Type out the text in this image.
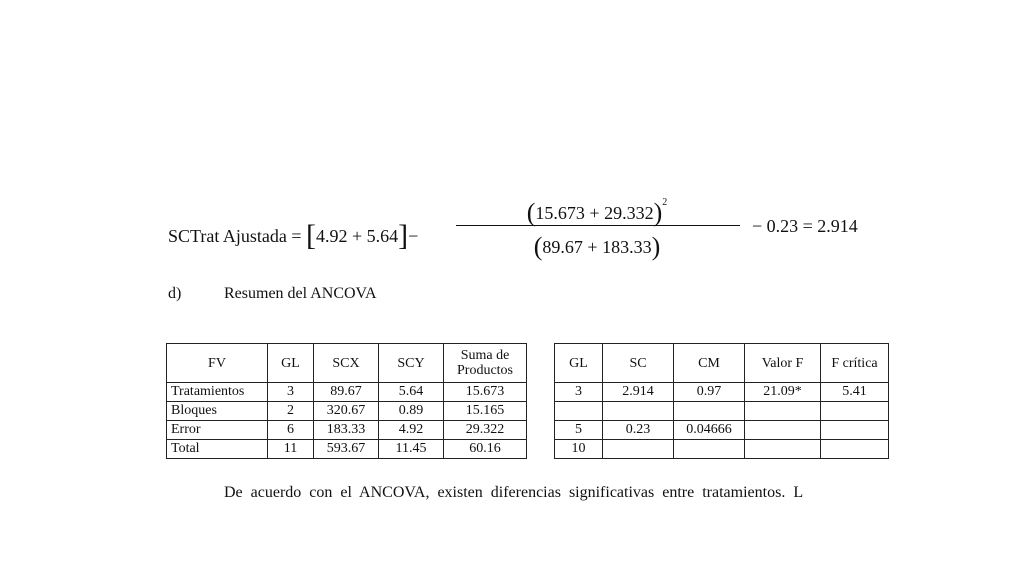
SCTrat Ajustada = [4.92 + 5.64]−
$(15.673 + 29.332)^2$
(89.67 + 183.33)
− 0.23 = 2.914
d)	Resumen del ANCOVA
FV	GL	SCX	SCY	Suma de Productos
Tratamientos	3	89.67	5.64	15.673
Bloques	2	320.67	0.89	15.165
Error	6	183.33	4.92	29.322
Total	11	593.67	11.45	60.16
GL	SC	CM	Valor F	F crítica
3	2.914	0.97	21.09*	5.41

5	0.23	0.04666		
10				
De acuerdo con el ANCOVA, existen diferencias significativas entre tratamientos. L
